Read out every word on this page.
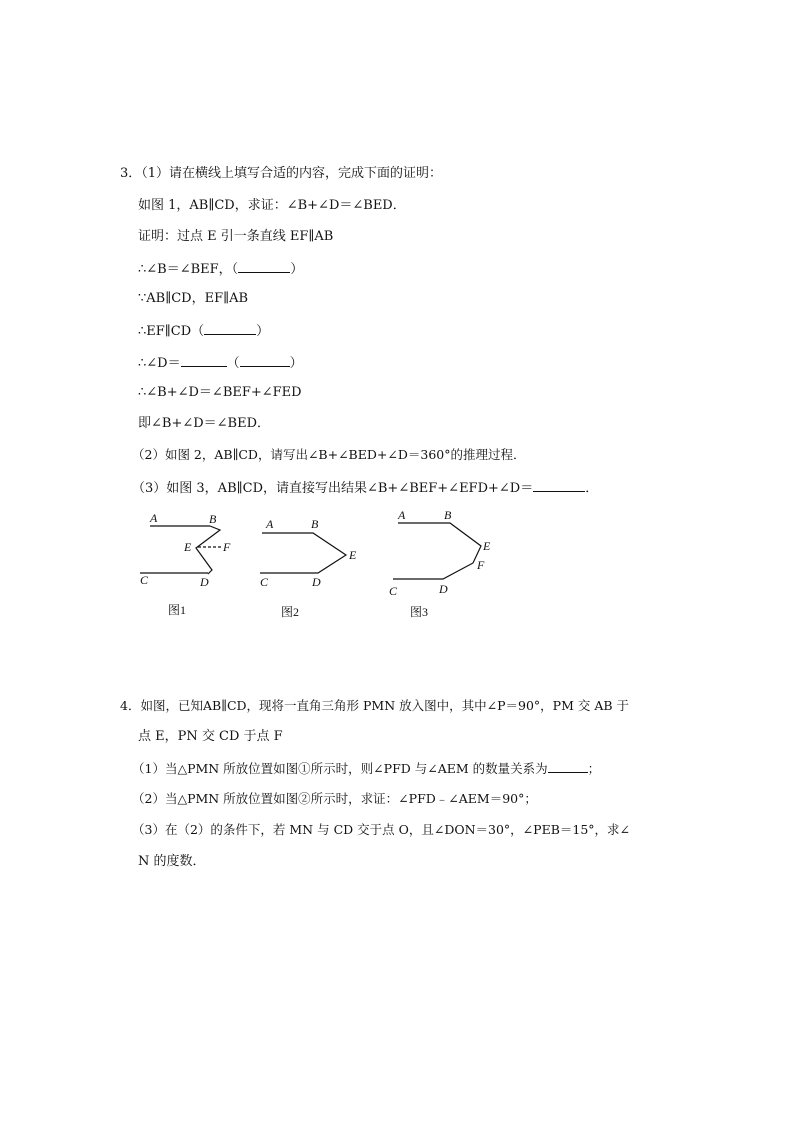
3．（1）请在横线上填写合适的内容，完成下面的证明：
如图 1，AB∥CD，求证：∠B+∠D＝∠BED．
证明：过点 E 引一条直线 EF∥AB
∴∠B＝∠BEF，（	）
∵AB∥CD，EF∥AB
∴EF∥CD（	）
∴∠D＝	（	）
∴∠B+∠D＝∠BEF+∠FED
即∠B+∠D＝∠BED．
（2）如图 2，AB∥CD，请写出∠B+∠BED+∠D＝360°的推理过程．
（3）如图 3，AB∥CD，请直接写出结果∠B+∠BEF+∠EFD+∠D＝	．
A	B
E	F
C	D
图1
A	B
E
C	D
图2
A	B
E
F
C	D
图3
4．如图，已知AB∥CD，现将一直角三角形 PMN 放入图中，其中∠P＝90°，PM 交 AB 于
点 E，PN 交 CD 于点 F
（1）当△PMN 所放位置如图①所示时，则∠PFD 与∠AEM 的数量关系为	；
（2）当△PMN 所放位置如图②所示时，求证：∠PFD﹣∠AEM＝90°；
（3）在（2）的条件下，若 MN 与 CD 交于点 O，且∠DON＝30°，∠PEB＝15°，求∠
N 的度数．
